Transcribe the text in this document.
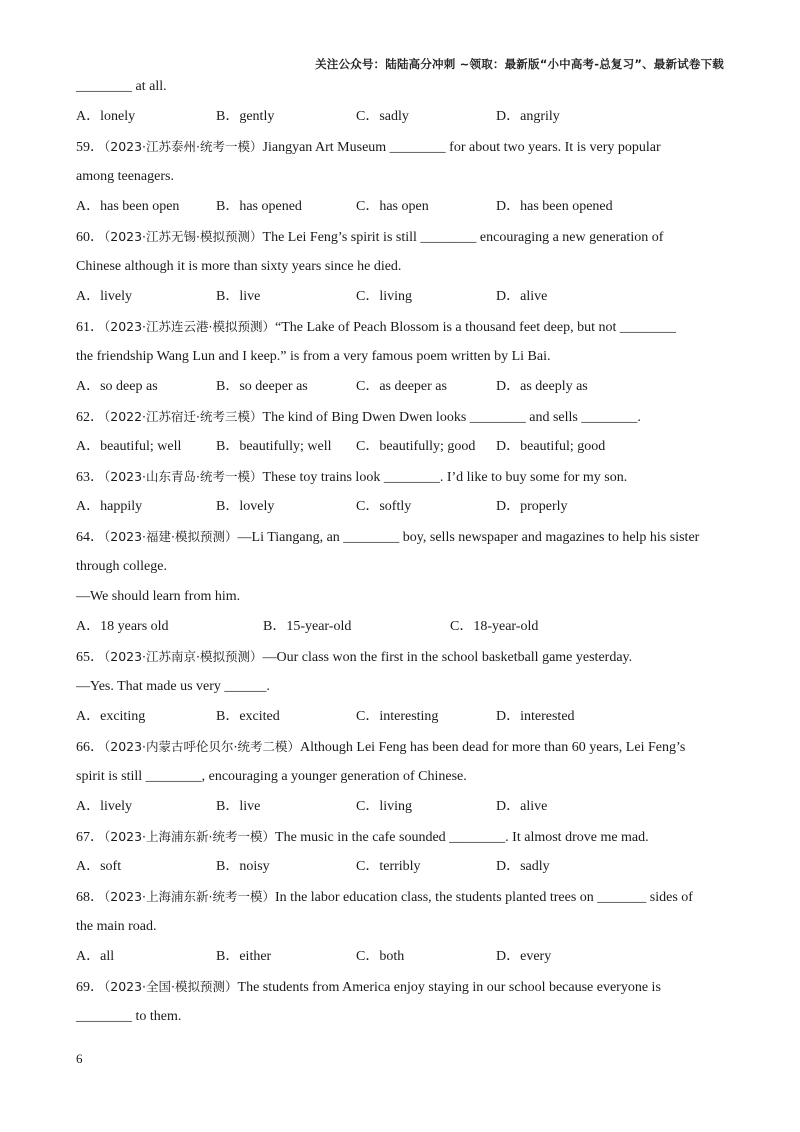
关注公众号：陆陆高分冲刺 ~领取：最新版“小中高考-总复习”、最新试卷下载
________ at all.
A．lonely	B．gently	C．sadly	D．angrily
59．（2023·江苏泰州·统考一模）Jiangyan Art Museum ________ for about two years. It is very popular
among teenagers.
A．has been open	B．has opened	C．has open	D．has been opened
60．（2023·江苏无锡·模拟预测）The Lei Feng’s spirit is still ________ encouraging a new generation of
Chinese although it is more than sixty years since he died.
A．lively	B．live	C．living	D．alive
61．（2023·江苏连云港·模拟预测）“The Lake of Peach Blossom is a thousand feet deep, but not ________
the friendship Wang Lun and I keep.” is from a very famous poem written by Li Bai.
A．so deep as	B．so deeper as	C．as deeper as	D．as deeply as
62．（2022·江苏宿迁·统考三模）The kind of Bing Dwen Dwen looks ________ and sells ________.
A．beautiful; well	B．beautifully; well	C．beautifully; good	D．beautiful; good
63．（2023·山东青岛·统考一模）These toy trains look ________. I’d like to buy some for my son.
A．happily	B．lovely	C．softly	D．properly
64．（2023·福建·模拟预测）—Li Tiangang, an ________ boy, sells newspaper and magazines to help his sister
through college.
—We should learn from him.
A．18 years old	B．15-year-old	C．18-year-old
65．（2023·江苏南京·模拟预测）—Our class won the first in the school basketball game yesterday.
—Yes. That made us very ______.
A．exciting	B．excited	C．interesting	D．interested
66．（2023·内蒙古呼伦贝尔·统考二模）Although Lei Feng has been dead for more than 60 years, Lei Feng’s
spirit is still ________, encouraging a younger generation of Chinese.
A．lively	B．live	C．living	D．alive
67．（2023·上海浦东新·统考一模）The music in the cafe sounded ________. It almost drove me mad.
A．soft	B．noisy	C．terribly	D．sadly
68．（2023·上海浦东新·统考一模）In the labor education class, the students planted trees on _______ sides of
the main road.
A．all	B．either	C．both	D．every
69．（2023·全国·模拟预测）The students from America enjoy staying in our school because everyone is
________ to them.
6
